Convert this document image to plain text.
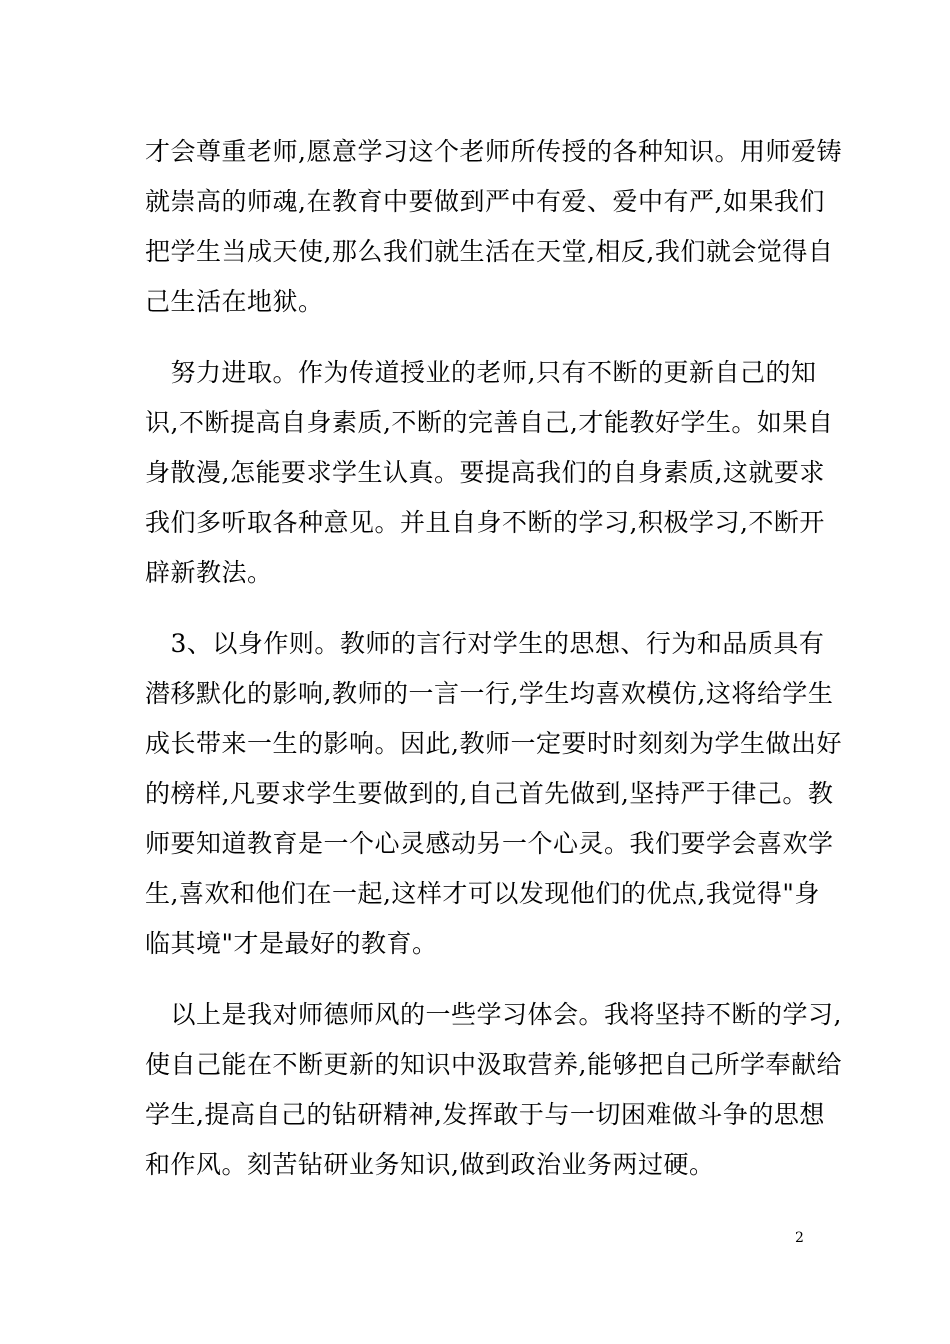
才会尊重老师,愿意学习这个老师所传授的各种知识。用师爱铸
就崇高的师魂,在教育中要做到严中有爱、爱中有严,如果我们
把学生当成天使,那么我们就生活在天堂,相反,我们就会觉得自
己生活在地狱。
　努力进取。作为传道授业的老师,只有不断的更新自己的知
识,不断提高自身素质,不断的完善自己,才能教好学生。如果自
身散漫,怎能要求学生认真。要提高我们的自身素质,这就要求
我们多听取各种意见。并且自身不断的学习,积极学习,不断开
辟新教法。
　3、以身作则。教师的言行对学生的思想、行为和品质具有
潜移默化的影响,教师的一言一行,学生均喜欢模仿,这将给学生
成长带来一生的影响。因此,教师一定要时时刻刻为学生做出好
的榜样,凡要求学生要做到的,自己首先做到,坚持严于律己。教
师要知道教育是一个心灵感动另一个心灵。我们要学会喜欢学
生,喜欢和他们在一起,这样才可以发现他们的优点,我觉得"身
临其境"才是最好的教育。
　以上是我对师德师风的一些学习体会。我将坚持不断的学习,
使自己能在不断更新的知识中汲取营养,能够把自己所学奉献给
学生,提高自己的钻研精神,发挥敢于与一切困难做斗争的思想
和作风。刻苦钻研业务知识,做到政治业务两过硬。
2
